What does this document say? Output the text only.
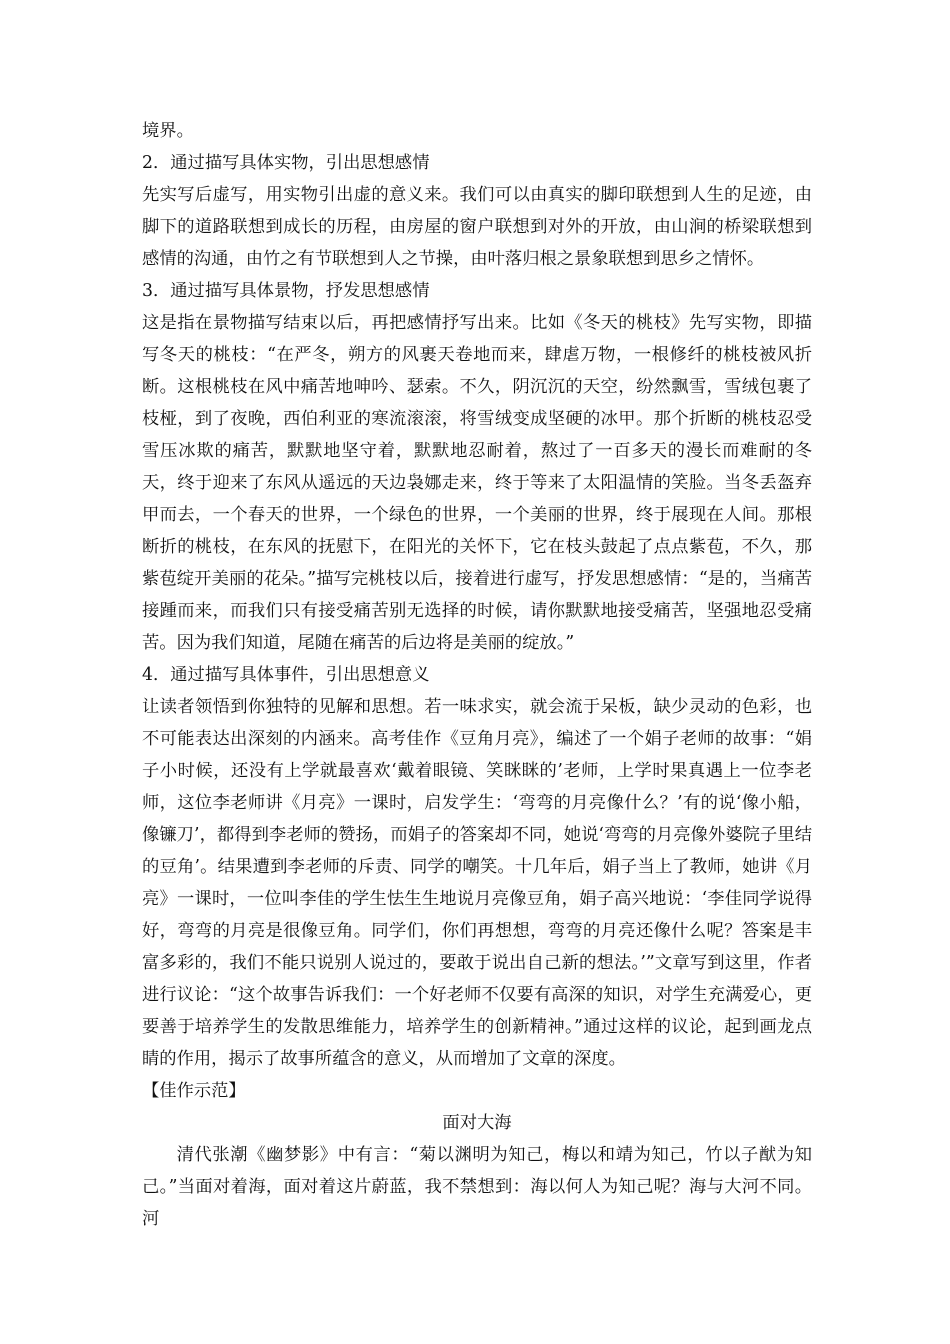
境界。

2．通过描写具体实物，引出思想感情

先实写后虚写，用实物引出虚的意义来。我们可以由真实的脚印联想到人生的足迹，由脚下的道路联想到成长的历程，由房屋的窗户联想到对外的开放，由山涧的桥梁联想到感情的沟通，由竹之有节联想到人之节操，由叶落归根之景象联想到思乡之情怀。

3．通过描写具体景物，抒发思想感情

这是指在景物描写结束以后，再把感情抒写出来。比如《冬天的桃枝》先写实物，即描写冬天的桃枝：“在严冬，朔方的风裹天卷地而来，肆虐万物，一根修纤的桃枝被风折断。这根桃枝在风中痛苦地呻吟、瑟索。不久，阴沉沉的天空，纷然飘雪，雪绒包裹了枝桠，到了夜晚，西伯利亚的寒流滚滚，将雪绒变成坚硬的冰甲。那个折断的桃枝忍受雪压冰欺的痛苦，默默地坚守着，默默地忍耐着，熬过了一百多天的漫长而难耐的冬天，终于迎来了东风从遥远的天边袅娜走来，终于等来了太阳温情的笑脸。当冬丢盔弃甲而去，一个春天的世界，一个绿色的世界，一个美丽的世界，终于展现在人间。那根断折的桃枝，在东风的抚慰下，在阳光的关怀下，它在枝头鼓起了点点紫苞，不久，那紫苞绽开美丽的花朵。”描写完桃枝以后，接着进行虚写，抒发思想感情：“是的，当痛苦接踵而来，而我们只有接受痛苦别无选择的时候，请你默默地接受痛苦，坚强地忍受痛苦。因为我们知道，尾随在痛苦的后边将是美丽的绽放。”

4．通过描写具体事件，引出思想意义

让读者领悟到你独特的见解和思想。若一味求实，就会流于呆板，缺少灵动的色彩，也不可能表达出深刻的内涵来。高考佳作《豆角月亮》，编述了一个娟子老师的故事：“娟子小时候，还没有上学就最喜欢‘戴着眼镜、笑眯眯的’老师，上学时果真遇上一位李老师，这位李老师讲《月亮》一课时，启发学生：‘弯弯的月亮像什么？’有的说‘像小船，像镰刀’，都得到李老师的赞扬，而娟子的答案却不同，她说‘弯弯的月亮像外婆院子里结的豆角’。结果遭到李老师的斥责、同学的嘲笑。十几年后，娟子当上了教师，她讲《月亮》一课时，一位叫李佳的学生怯生生地说月亮像豆角，娟子高兴地说：‘李佳同学说得好，弯弯的月亮是很像豆角。同学们，你们再想想，弯弯的月亮还像什么呢？答案是丰富多彩的，我们不能只说别人说过的，要敢于说出自己新的想法。’”文章写到这里，作者进行议论：“这个故事告诉我们：一个好老师不仅要有高深的知识，对学生充满爱心，更要善于培养学生的发散思维能力，培养学生的创新精神。”通过这样的议论，起到画龙点睛的作用，揭示了故事所蕴含的意义，从而增加了文章的深度。

【佳作示范】

面对大海

清代张潮《幽梦影》中有言：“菊以渊明为知己，梅以和靖为知己，竹以子猷为知己。”当面对着海，面对着这片蔚蓝，我不禁想到：海以何人为知己呢？海与大河不同。河
